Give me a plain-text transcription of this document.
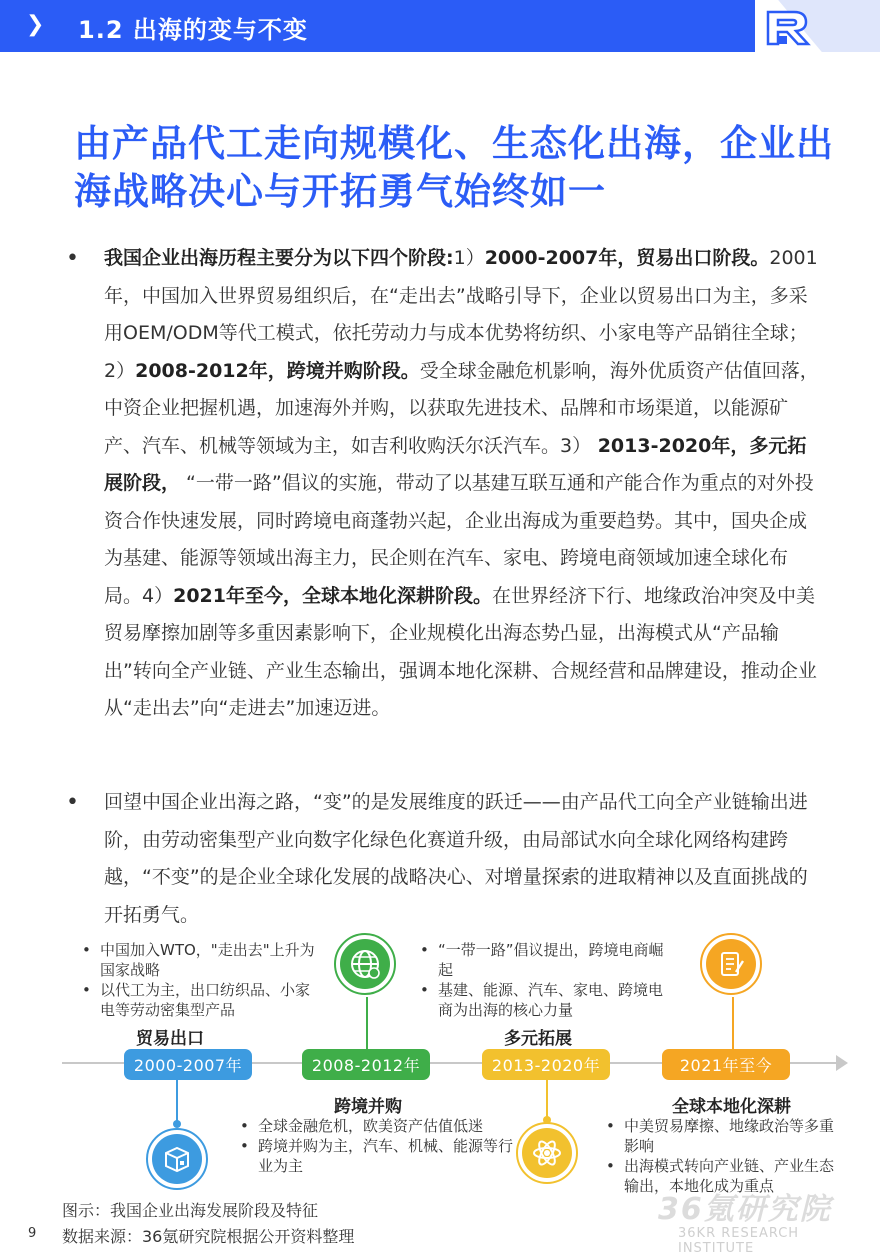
❯ 1.2 出海的变与不变
由产品代工走向规模化、生态化出海，企业出
海战略决心与开拓勇气始终如一
• 我国企业出海历程主要分为以下四个阶段:1）2000-2007年，贸易出口阶段。2001年，中国加入世界贸易组织后，在“走出去”战略引导下，企业以贸易出口为主，多采用OEM/ODM等代工模式，依托劳动力与成本优势将纺织、小家电等产品销往全球；2）2008-2012年，跨境并购阶段。受全球金融危机影响，海外优质资产估值回落，中资企业把握机遇，加速海外并购，以获取先进技术、品牌和市场渠道，以能源矿产、汽车、机械等领域为主，如吉利收购沃尔沃汽车。3） 2013-2020年，多元拓展阶段， “一带一路”倡议的实施，带动了以基建互联互通和产能合作为重点的对外投资合作快速发展，同时跨境电商蓬勃兴起，企业出海成为重要趋势。其中，国央企成为基建、能源等领域出海主力，民企则在汽车、家电、跨境电商领域加速全球化布局。4）2021年至今，全球本地化深耕阶段。在世界经济下行、地缘政治冲突及中美贸易摩擦加剧等多重因素影响下，企业规模化出海态势凸显，出海模式从“产品输出”转向全产业链、产业生态输出，强调本地化深耕、合规经营和品牌建设，推动企业从“走出去”向“走进去”加速迈进。
• 回望中国企业出海之路，“变”的是发展维度的跃迁——由产品代工向全产业链输出进阶，由劳动密集型产业向数字化绿色化赛道升级，由局部试水向全球化网络构建跨越，“不变”的是企业全球化发展的战略决心、对增量探索的进取精神以及直面挑战的开拓勇气。
• 中国加入WTO，"走出去"上升为国家战略
• 以代工为主，出口纺织品、小家电等劳动密集型产品
贸易出口
• “一带一路”倡议提出，跨境电商崛起
• 基建、能源、汽车、家电、跨境电商为出海的核心力量
多元拓展
2000-2007年	2008-2012年	2013-2020年	2021年至今
跨境并购
• 全球金融危机，欧美资产估值低迷
• 跨境并购为主，汽车、机械、能源等行业为主
全球本地化深耕
• 中美贸易摩擦、地缘政治等多重影响
• 出海模式转向产业链、产业生态输出，本地化成为重点
36氪研究院
36KR RESEARCH INSTITUTE
图示：我国企业出海发展阶段及特征
数据来源：36氪研究院根据公开资料整理
9
